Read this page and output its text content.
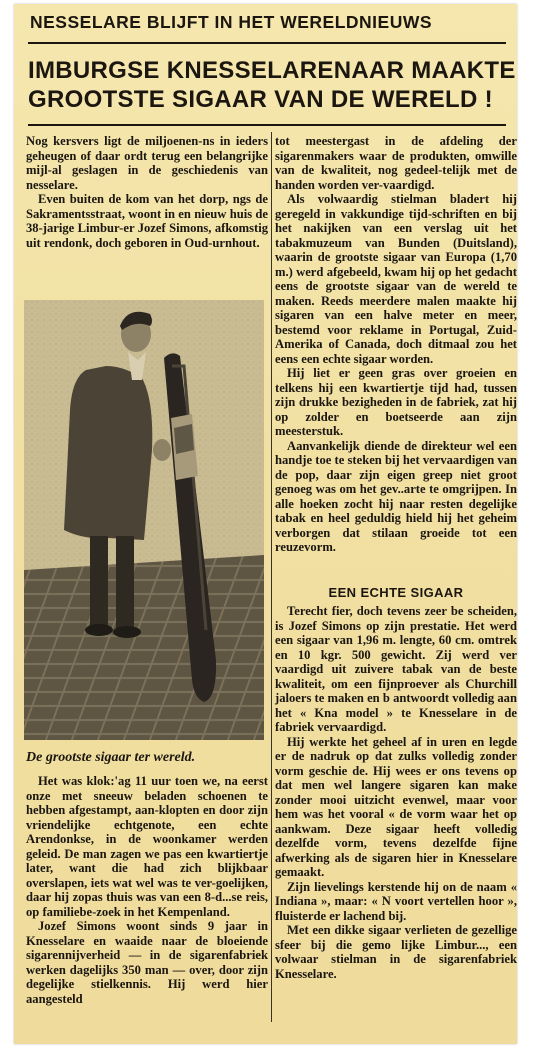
NESSELARE BLIJFT IN HET WERELDNIEUWS
IMBURGSE KNESSELARENAAR MAAKTE
GROOTSTE SIGAAR VAN DE WERELD !

Nog kersvers ligt de miljoenen-ns in ieders geheugen of daar ordt terug een belangrijke mijl-al geslagen in de geschiedenis van nesselare.

Even buiten de kom van het dorp, ngs de Sakramentsstraat, woont in en nieuw huis de 38-jarige Limbur-er Jozef Simons, afkomstig uit rendonk, doch geboren in Oud-urnhout.

De grootste sigaar ter wereld.

Het was klok:'ag 11 uur toen we, na eerst onze met sneeuw beladen schoenen te hebben afgestampt, aan-klopten en door zijn vriendelijke echtgenote, een echte Arendonkse, in de woonkamer werden geleid. De man zagen we pas een kwartiertje later, want die had zich blijkbaar overslapen, iets wat wel was te ver-goelijken, daar hij zopas thuis was van een 8-d...se reis, op familiebe-zoek in het Kempenland.

Jozef Simons woont sinds 9 jaar in Knesselare en waaide naar de bloeiende sigarennijverheid — in de sigarenfabriek werken dagelijks 350 man — over, door zijn degelijke stielkennis. Hij werd hier aangesteld

tot meestergast in de afdeling der sigarenmakers waar de produkten, omwille van de kwaliteit, nog gedeel-telijk met de handen worden ver-vaardigd.

Als volwaardig stielman bladert hij geregeld in vakkundige tijd-schriften en bij het nakijken van een verslag uit het tabakmuzeum van Bunden (Duitsland), waarin de grootste sigaar van Europa (1,70 m.) werd afgebeeld, kwam hij op het gedacht eens de grootste sigaar van de wereld te maken. Reeds meerdere malen maakte hij sigaren van een halve meter en meer, bestemd voor reklame in Portugal, Zuid-Amerika of Canada, doch ditmaal zou het eens een echte sigaar worden.

Hij liet er geen gras over groeien en telkens hij een kwartiertje tijd had, tussen zijn drukke bezigheden in de fabriek, zat hij op zolder en boetseerde aan zijn meesterstuk.

Aanvankelijk diende de direkteur wel een handje toe te steken bij het vervaardigen van de pop, daar zijn eigen greep niet groot genoeg was om het gev..arte te omgrijpen. In alle hoeken zocht hij naar resten degelijke tabak en heel geduldig hield hij het geheim verborgen dat stilaan groeide tot een reuzevorm.

EEN ECHTE SIGAAR

Terecht fier, doch tevens zeer be scheiden, is Jozef Simons op zijn prestatie. Het werd een sigaar van 1,96 m. lengte, 60 cm. omtrek en 10 kgr. 500 gewicht. Zij werd ver vaardigd uit zuivere tabak van de beste kwaliteit, om een fijnproever als Churchill jaloers te maken en b antwoordt volledig aan het « Kna model » te Knesselare in de fabriek vervaardigd.

Hij werkte het geheel af in uren en legde er de nadruk op dat zulks volledig zonder vorm geschie de. Hij wees er ons tevens op dat men wel langere sigaren kan make zonder mooi uitzicht evenwel, maar voor hem was het vooral « de vorm waar het op aankwam. Deze sigaar heeft volledig dezelfde vorm, tevens dezelfde fijne afwerking als de sigaren hier in Knesselare gemaakt.

Zijn lievelings kerstende hij on de naam « Indiana », maar: « N voort vertellen hoor », fluisterde er lachend bij.

Met een dikke sigaar verlieten de gezellige sfeer bij die gemo lijke Limbur..., een volwaar stielman in de sigarenfabriek Knesselare.
